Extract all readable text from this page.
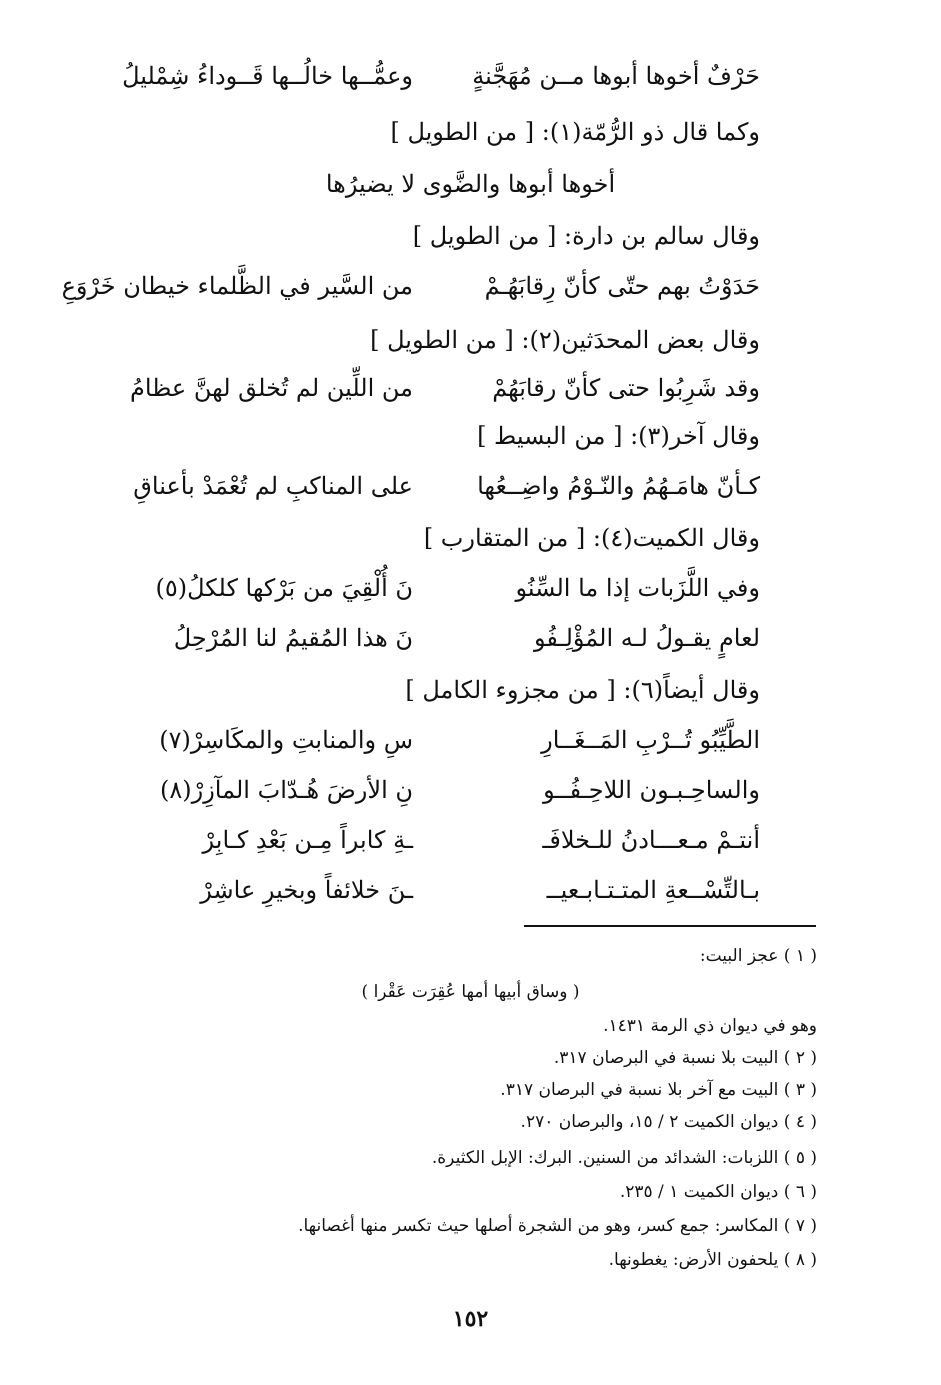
حَرْفٌ أخوها أبوها مــن مُهَجَّنةٍ
وعمُّــها خالُــها قَــوداءُ شِمْليلُ
وكما قال ذو الرُّمّة(١): [ من الطويل ]
أخوها أبوها والضَّوى لا يضيرُها
وقال سالم بن دارة: [ من الطويل ]
حَدَوْتُ بهم حتّى كأنّ رِقابَهُـمْ
من السَّير في الظَّلماء خيطان خَرْوَعِ
وقال بعض المحدَثين(٢): [ من الطويل ]
وقد شَرِبُوا حتى كأنّ رقابَهُمْ
من اللِّين لم تُخلق لهنَّ عظامُ
وقال آخر(٣): [ من البسيط ]
كـأنّ هامَـهُمُ والنّـوْمُ واضِــعُها
على المناكبِ لم تُعْمَدْ بأعناقِ
وقال الكميت(٤): [ من المتقارب ]
وفي اللَّزَبات إذا ما السِّنُو
نَ أُلْقِيَ من بَرْكها كلكلُ(٥)
لعامٍ يقـولُ لـه المُؤْلِـفُو
نَ هذا المُقيمُ لنا المُرْحِلُ
وقال أيضاً(٦): [ من مجزوء الكامل ]
الطَّيِّبُو تُــرْبِ المَــغَــارِ
سِ والمنابتِ والمكَاسِرْ(٧)
والساحِـبـون اللاحِـفُــو
نِ الأرضَ هُـدّابَ المآزِرْ(٨)
أنتـمْ مـعـــادنُ للـخلافَـ
ـةِ كابراً مِـن بَعْدِ كـابِرْ
بـالتِّسْــعةِ المتـتـابـعيــ
ـنَ خلائفاً وبخيرِ عاشِرْ
( ١ ) عجز البيت:
( وساق أبيها أمها عُقِرَت عَقْرا )
وهو في ديوان ذي الرمة ١٤٣١.
( ٢ ) البيت بلا نسبة في البرصان ٣١٧.
( ٣ ) البيت مع آخر بلا نسبة في البرصان ٣١٧.
( ٤ ) ديوان الكميت ٢ / ١٥، والبرصان ٢٧٠.
( ٥ ) اللزبات: الشدائد من السنين. البرك: الإبل الكثيرة.
( ٦ ) ديوان الكميت ١ / ٢٣٥.
( ٧ ) المكاسر: جمع كسر، وهو من الشجرة أصلها حيث تكسر منها أغصانها.
( ٨ ) يلحفون الأرض: يغطونها.
١٥٢
